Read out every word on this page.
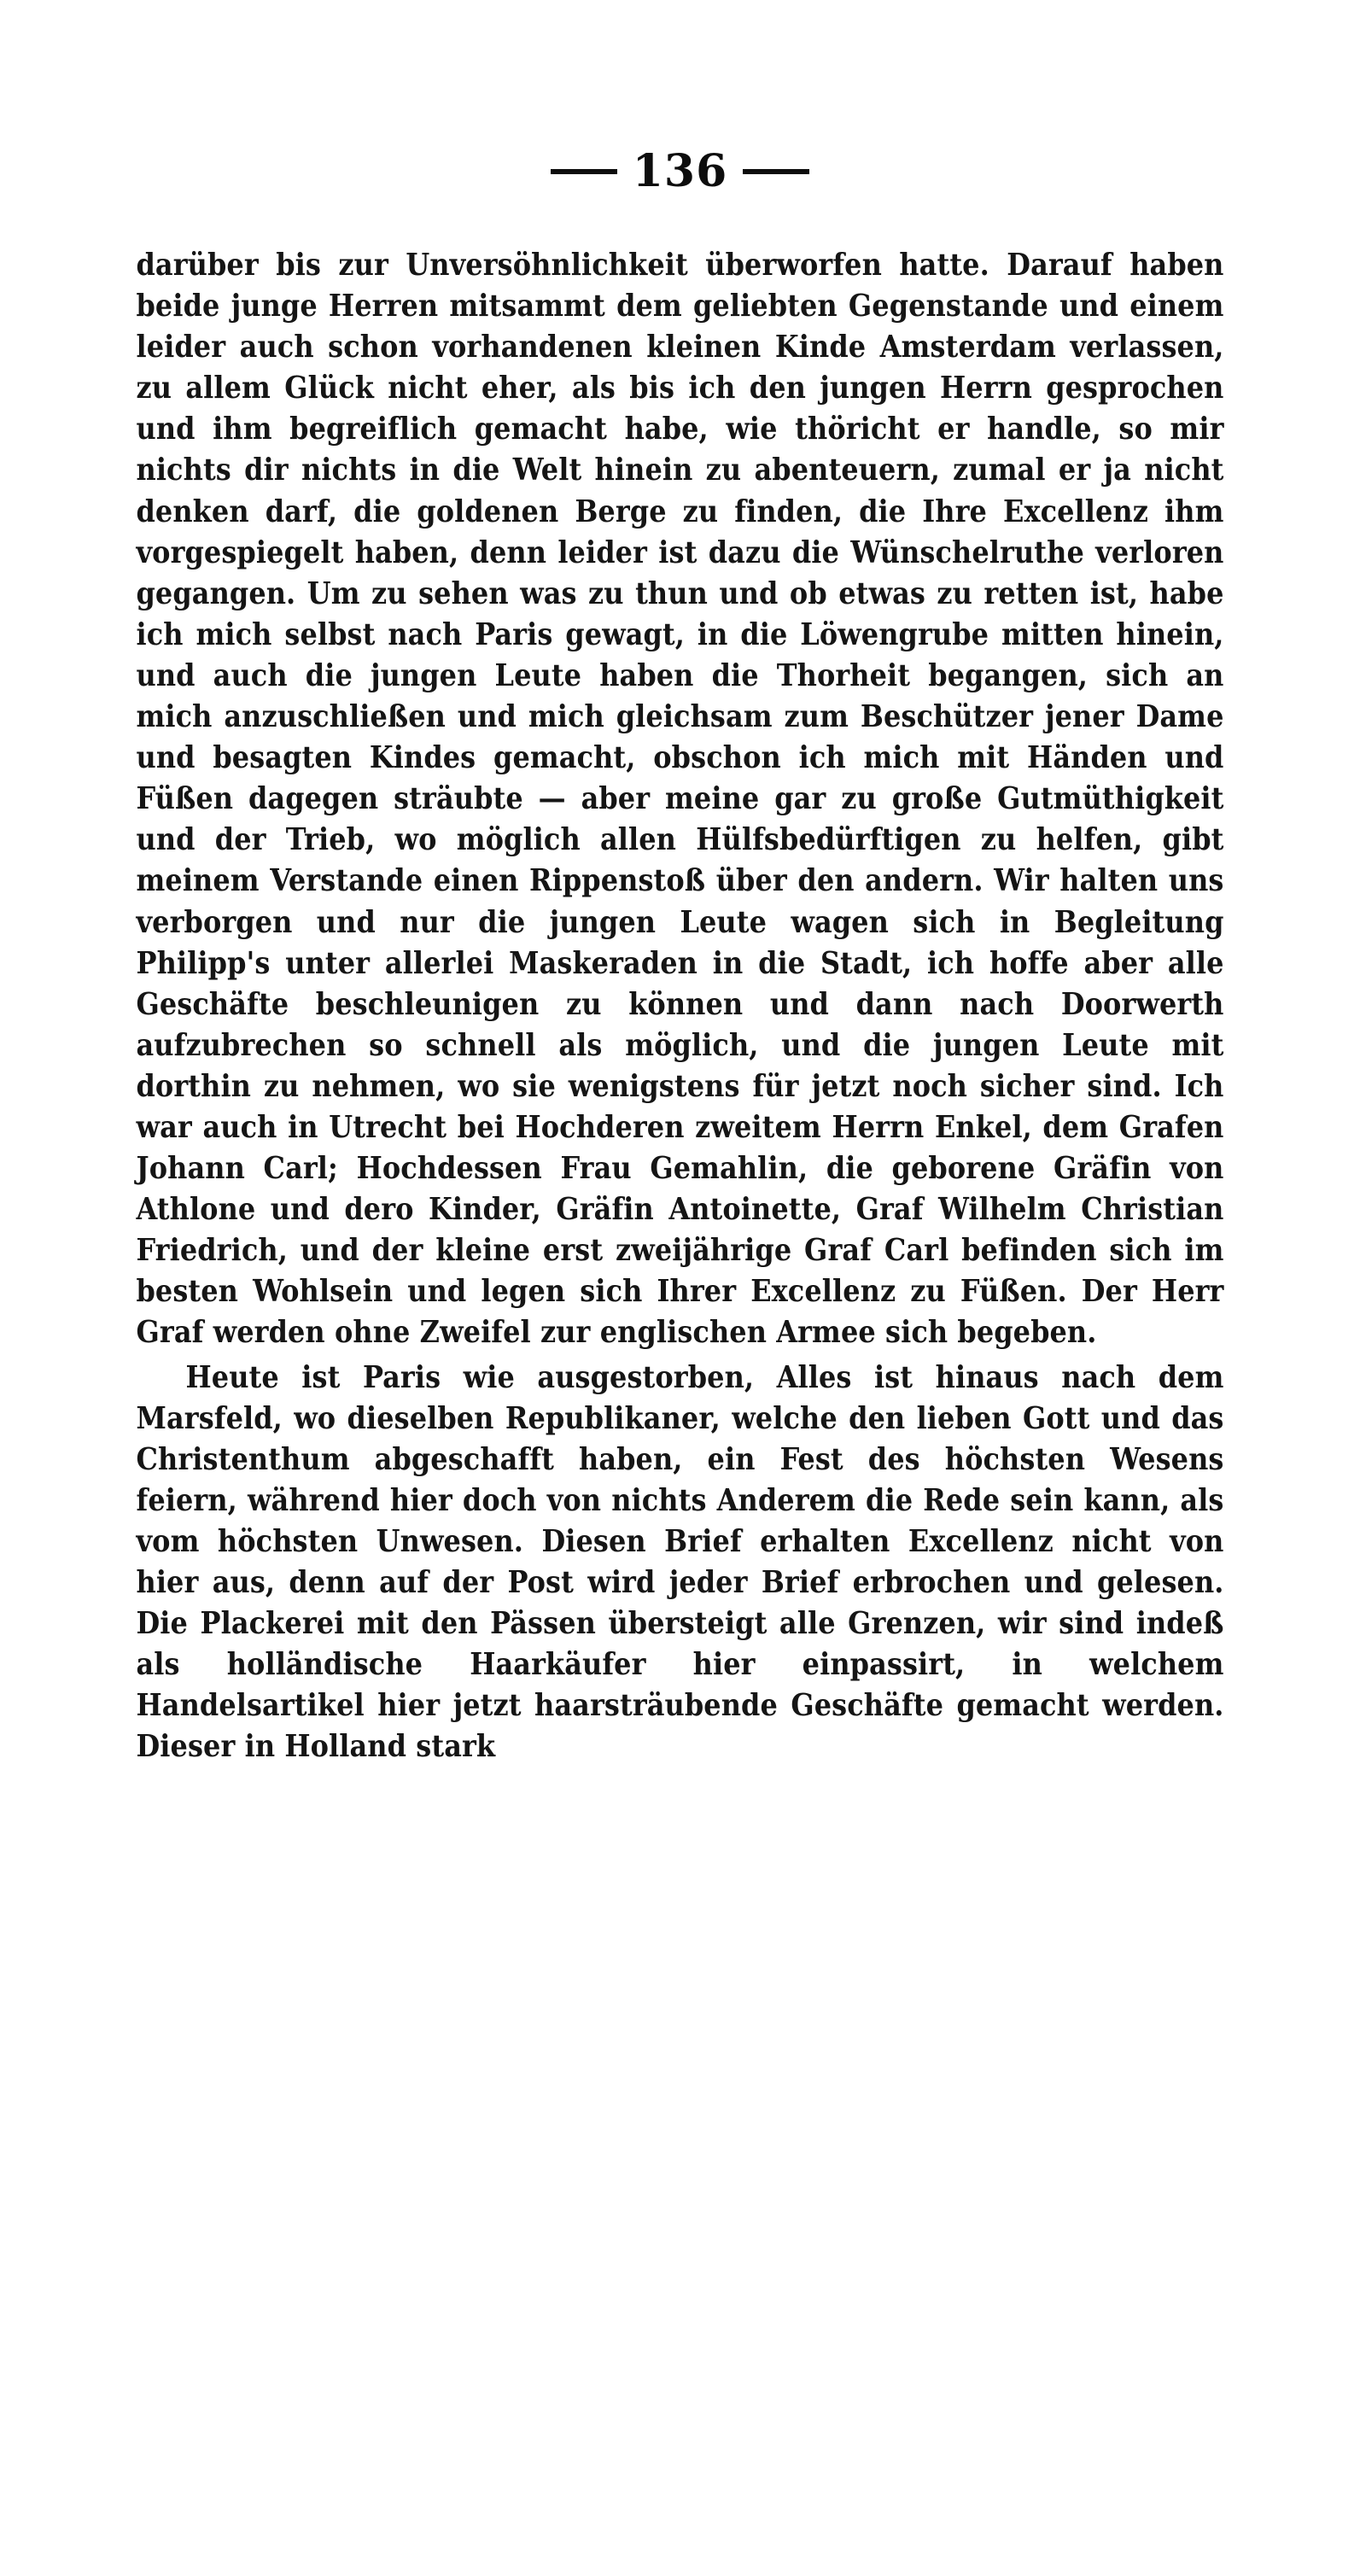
136

darüber bis zur Unversöhnlichkeit überworfen hatte. Darauf haben beide junge Herren mitsammt dem geliebten Gegenstande und einem leider auch schon vorhandenen kleinen Kinde Amsterdam verlassen, zu allem Glück nicht eher, als bis ich den jungen Herrn gesprochen und ihm begreiflich gemacht habe, wie thöricht er handle, so mir nichts dir nichts in die Welt hinein zu abenteuern, zumal er ja nicht denken darf, die goldenen Berge zu finden, die Ihre Excellenz ihm vorgespiegelt haben, denn leider ist dazu die Wünschelruthe verloren gegangen. Um zu sehen was zu thun und ob etwas zu retten ist, habe ich mich selbst nach Paris gewagt, in die Löwengrube mitten hinein, und auch die jungen Leute haben die Thorheit begangen, sich an mich anzuschließen und mich gleichsam zum Beschützer jener Dame und besagten Kindes gemacht, obschon ich mich mit Händen und Füßen dagegen sträubte — aber meine gar zu große Gutmüthigkeit und der Trieb, wo möglich allen Hülfsbedürftigen zu helfen, gibt meinem Verstande einen Rippenstoß über den andern. Wir halten uns verborgen und nur die jungen Leute wagen sich in Begleitung Philipp's unter allerlei Maskeraden in die Stadt, ich hoffe aber alle Geschäfte beschleunigen zu können und dann nach Doorwerth aufzubrechen so schnell als möglich, und die jungen Leute mit dorthin zu nehmen, wo sie wenigstens für jetzt noch sicher sind. Ich war auch in Utrecht bei Hochderen zweitem Herrn Enkel, dem Grafen Johann Carl; Hochdessen Frau Gemahlin, die geborene Gräfin von Athlone und dero Kinder, Gräfin Antoinette, Graf Wilhelm Christian Friedrich, und der kleine erst zweijährige Graf Carl befinden sich im besten Wohlsein und legen sich Ihrer Excellenz zu Füßen. Der Herr Graf werden ohne Zweifel zur englischen Armee sich begeben.

Heute ist Paris wie ausgestorben, Alles ist hinaus nach dem Marsfeld, wo dieselben Republikaner, welche den lieben Gott und das Christenthum abgeschafft haben, ein Fest des höchsten Wesens feiern, während hier doch von nichts Anderem die Rede sein kann, als vom höchsten Unwesen. Diesen Brief erhalten Excellenz nicht von hier aus, denn auf der Post wird jeder Brief erbrochen und gelesen. Die Plackerei mit den Pässen übersteigt alle Grenzen, wir sind indeß als holländische Haarkäufer hier einpassirt, in welchem Handelsartikel hier jetzt haarsträubende Geschäfte gemacht werden. Dieser in Holland stark
